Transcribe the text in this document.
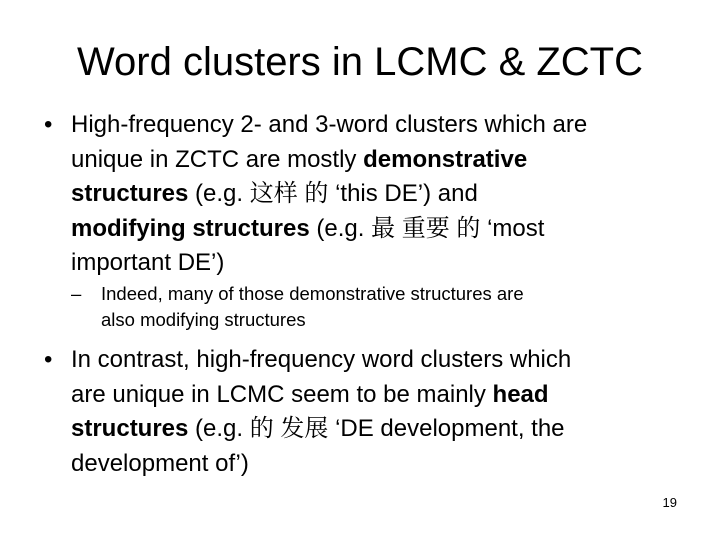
Word clusters in LCMC & ZCTC
• High-frequency 2- and 3-word clusters which are
unique in ZCTC are mostly demonstrative
structures (e.g. 这样 的 ‘this DE’) and
modifying structures (e.g. 最 重要 的 ‘most
important DE’)
– Indeed, many of those demonstrative structures are
also modifying structures
• In contrast, high-frequency word clusters which
are unique in LCMC seem to be mainly head
structures (e.g. 的 发展 ‘DE development, the
development of’)
19
